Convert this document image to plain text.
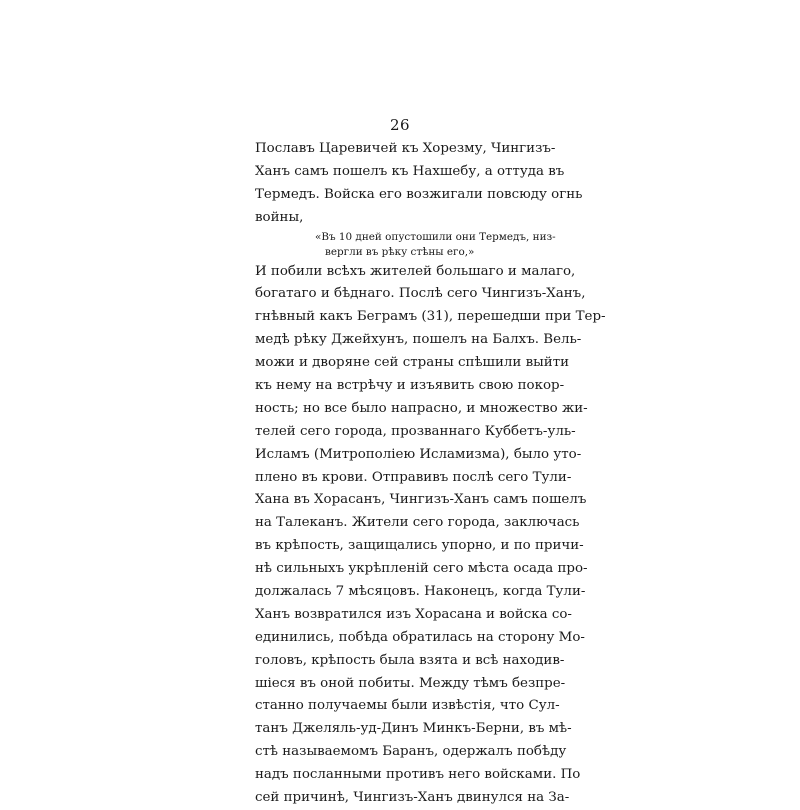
26
Пославъ Царевичей къ Хорезму, Чингизъ-
Ханъ самъ пошелъ къ Нахшебу, а оттуда въ
Термедъ. Войска его возжигали повсюду огнь
войны,
«Въ 10 дней опустошили они Термедъ, низ-
вергли въ рѣку стѣны его,»
И побили всѣхъ жителей большаго и малаго,
богатаго и бѣднаго. Послѣ сего Чингизъ-Ханъ,
гнѣвный какъ Беграмъ (31), перешедши при Тер-
медѣ рѣку Джейхунъ, пошелъ на Балхъ. Вель-
можи и дворяне сей страны спѣшили выйти
къ нему на встрѣчу и изъявить свою покор-
ность; но все было напрасно, и множество жи-
телей сего города, прозваннаго Куббетъ-уль-
Исламъ (Митрополіею Исламизма), было уто-
плено въ крови. Отправивъ послѣ сего Тули-
Хана въ Хорасанъ, Чингизъ-Ханъ самъ пошелъ
на Талеканъ. Жители сего города, заключась
въ крѣпость, защищались упорно, и по причи-
нѣ сильныхъ укрѣпленій сего мѣста осада про-
должалась 7 мѣсяцовъ. Наконецъ, когда Тули-
Ханъ возвратился изъ Хорасана и войска со-
единились, побѣда обратилась на сторону Мо-
головъ, крѣпость была взята и всѣ находив-
шіеся въ оной побиты. Между тѣмъ безпре-
станно получаемы были извѣстія, что Сул-
танъ Джеляль-уд-Динъ Минкъ-Берни, въ мѣ-
стѣ называемомъ Баранъ, одержалъ побѣду
надъ посланными противъ него войсками. По
сей причинѣ, Чингизъ-Ханъ двинулся на За-
